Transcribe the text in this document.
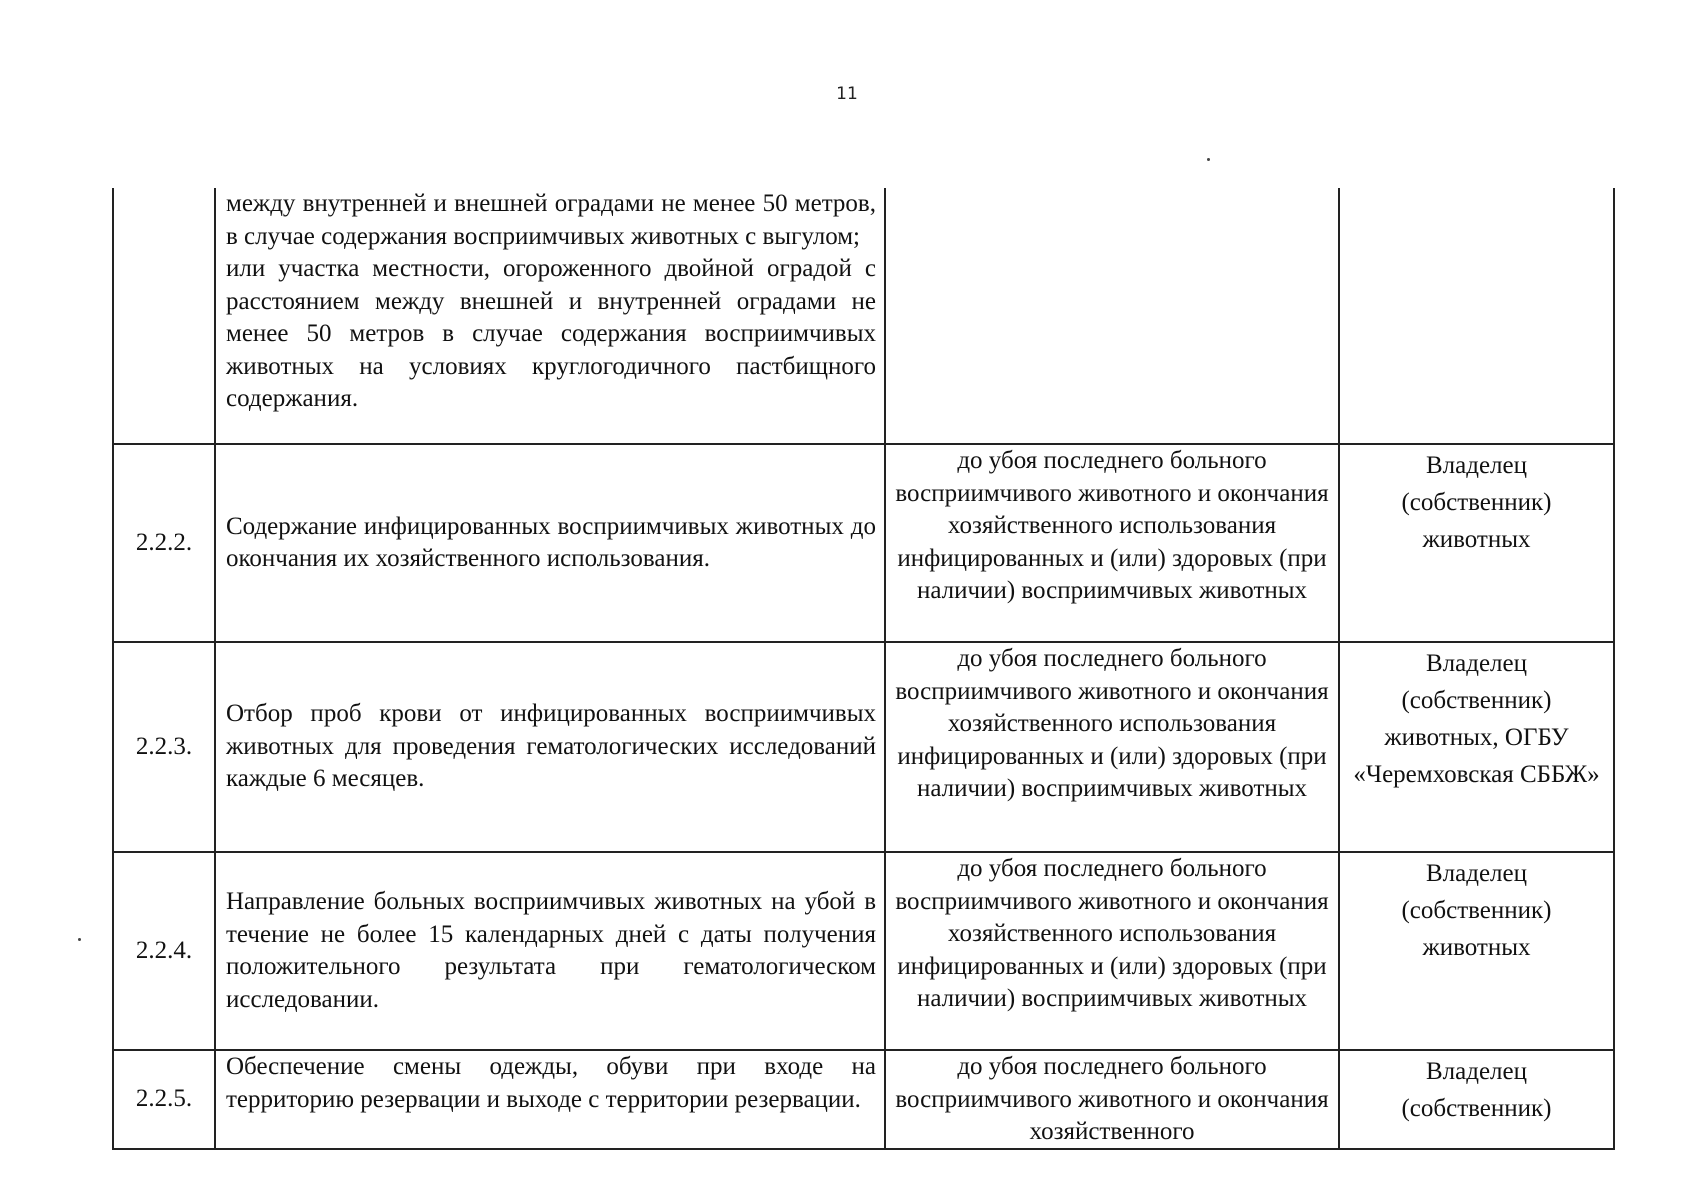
11

	между внутренней и внешней оградами не менее 50 метров, в случае содержания восприимчивых животных с выгулом;

или участка местности, огороженного двойной оградой с расстоянием между внешней и внутренней оградами не менее 50 метров в случае содержания восприимчивых животных на условиях круглогодичного пастбищного содержания.		

2.2.2.	Содержание инфицированных восприимчивых животных до окончания их хозяйственного использования.	до убоя последнего больного восприимчивого животного и окончания хозяйственного использования инфицированных и (или) здоровых (при наличии) восприимчивых животных	Владелец (собственник) животных

2.2.3.	Отбор проб крови от инфицированных восприимчивых животных для проведения гематологических исследований каждые 6 месяцев.	до убоя последнего больного восприимчивого животного и окончания хозяйственного использования инфицированных и (или) здоровых (при наличии) восприимчивых животных	Владелец (собственник) животных, ОГБУ «Черемховская СББЖ»

2.2.4.	Направление больных восприимчивых животных на убой в течение не более 15 календарных дней с даты получения положительного результата при гематологическом исследовании.	до убоя последнего больного восприимчивого животного и окончания хозяйственного использования инфицированных и (или) здоровых (при наличии) восприимчивых животных	Владелец (собственник) животных

2.2.5.	Обеспечение смены одежды, обуви при входе на территорию резервации и выходе с территории резервации.	до убоя последнего больного восприимчивого животного и окончания хозяйственного	Владелец (собственник)
